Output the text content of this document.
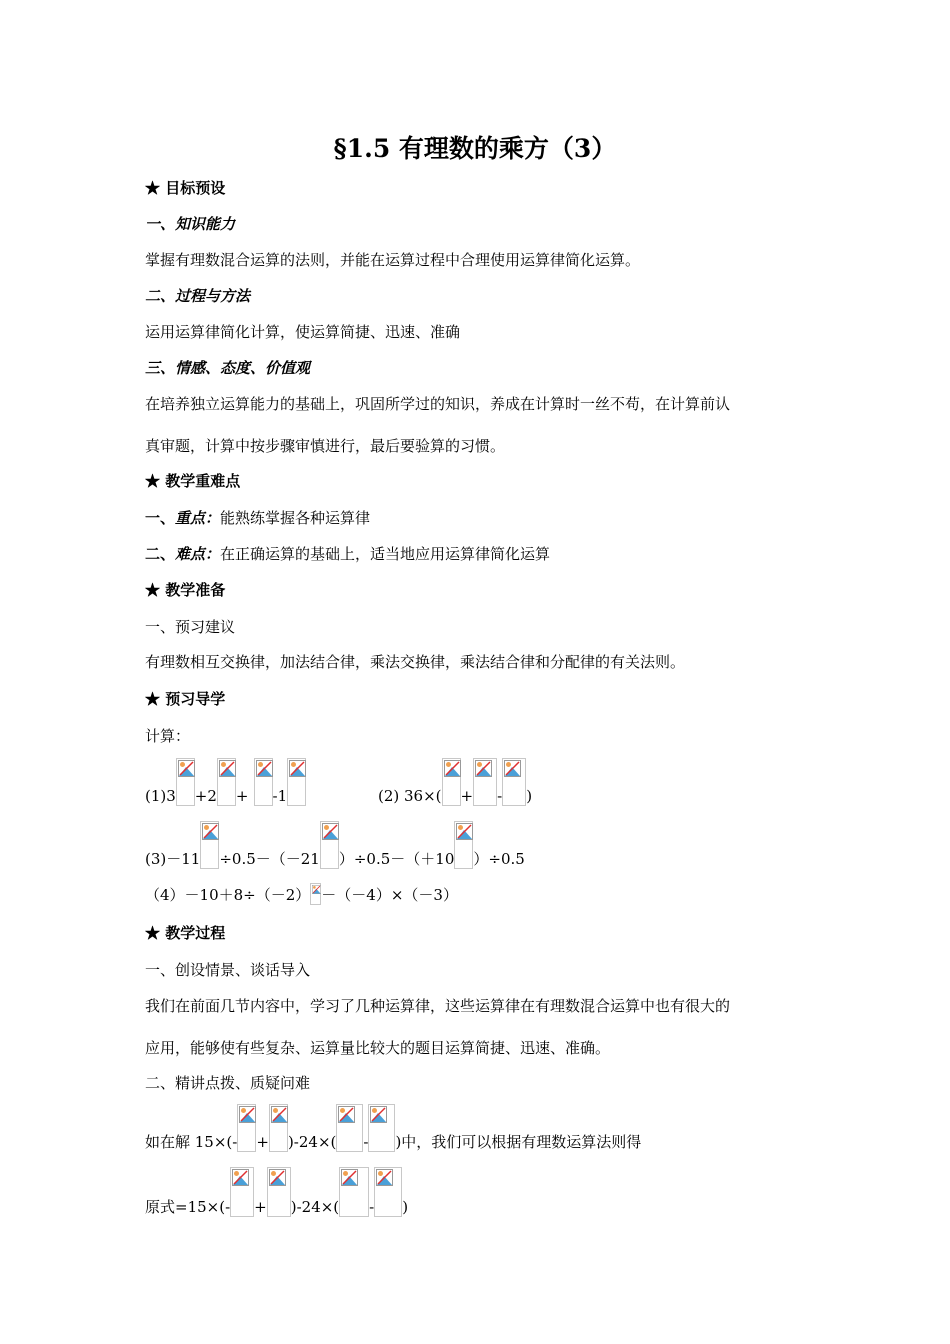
§1.5 有理数的乘方（3）
★ 目标预设
一、知识能力
掌握有理数混合运算的法则，并能在运算过程中合理使用运算律简化运算。
二、过程与方法
运用运算律简化计算，使运算简捷、迅速、准确
三、情感、态度、价值观
在培养独立运算能力的基础上，巩固所学过的知识，养成在计算时一丝不苟，在计算前认
真审题，计算中按步骤审慎进行，最后要验算的习惯。
★ 教学重难点
一、重点：能熟练掌握各种运算律
二、难点：在正确运算的基础上，适当地应用运算律简化运算
★ 教学准备
一、预习建议
有理数相互交换律，加法结合律，乘法交换律，乘法结合律和分配律的有关法则。
★ 预习导学
计算：
(1)3 +2 + -1	(2) 36×( + - )
(3)－11 ÷0.5－（－21 ）÷0.5－（＋10 ）÷0.5
（4）－10＋8÷（－2） －（－4）×（－3）
★ 教学过程
一、创设情景、谈话导入
我们在前面几节内容中，学习了几种运算律，这些运算律在有理数混合运算中也有很大的
应用，能够使有些复杂、运算量比较大的题目运算简捷、迅速、准确。
二、精讲点拨、质疑问难
如在解 15×(- + )-24×( - )中，我们可以根据有理数运算法则得
原式=15×(- + )-24×( - )
